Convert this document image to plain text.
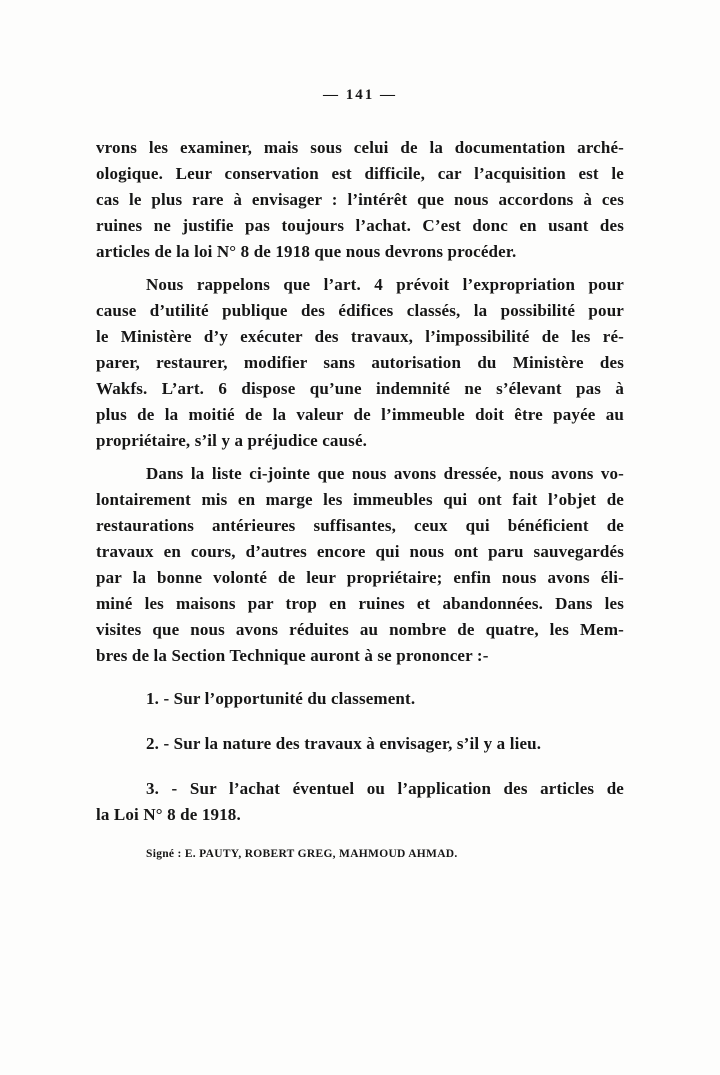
— 141 —
vrons les examiner, mais sous celui de la documentation arché-
ologique. Leur conservation est difficile, car l’acquisition est le
cas le plus rare à envisager : l’intérêt que nous accordons à ces
ruines ne justifie pas toujours l’achat. C’est donc en usant des
articles de la loi N° 8 de 1918 que nous devrons procéder.
Nous rappelons que l’art. 4 prévoit l’expropriation pour
cause d’utilité publique des édifices classés, la possibilité pour
le Ministère d’y exécuter des travaux, l’impossibilité de les ré-
parer, restaurer, modifier sans autorisation du Ministère des
Wakfs. L’art. 6 dispose qu’une indemnité ne s’élevant pas à
plus de la moitié de la valeur de l’immeuble doit être payée au
propriétaire, s’il y a préjudice causé.
Dans la liste ci-jointe que nous avons dressée, nous avons vo-
lontairement mis en marge les immeubles qui ont fait l’objet de
restaurations antérieures suffisantes, ceux qui bénéficient de
travaux en cours, d’autres encore qui nous ont paru sauvegardés
par la bonne volonté de leur propriétaire; enfin nous avons éli-
miné les maisons par trop en ruines et abandonnées. Dans les
visites que nous avons réduites au nombre de quatre, les Mem-
bres de la Section Technique auront à se prononcer :-
1. - Sur l’opportunité du classement.
2. - Sur la nature des travaux à envisager, s’il y a lieu.
3. - Sur l’achat éventuel ou l’application des articles de
la Loi N° 8 de 1918.
Signé : E. PAUTY, ROBERT GREG, MAHMOUD AHMAD.
